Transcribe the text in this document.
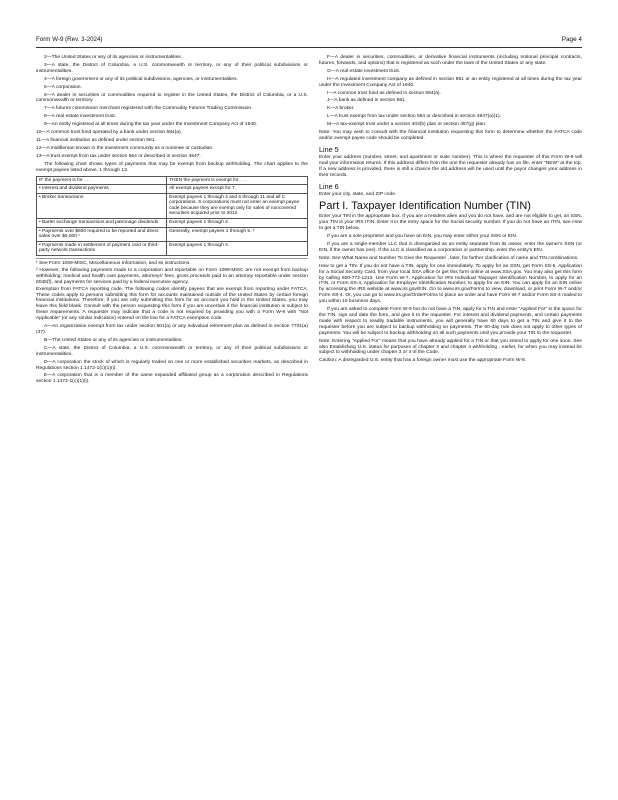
Form W-9 (Rev. 3-2024)	Page 4

2—The United States or any of its agencies or instrumentalities.

3—A state, the District of Columbia, a U.S. commonwealth or territory, or any of their political subdivisions or instrumentalities.

4—A foreign government or any of its political subdivisions, agencies, or instrumentalities.

5—A corporation.

6—A dealer in securities or commodities required to register in the United States, the District of Columbia, or a U.S. commonwealth or territory.

7—A futures commission merchant registered with the Commodity Futures Trading Commission.

8—A real estate investment trust.

9—An entity registered at all times during the tax year under the Investment Company Act of 1940.

10—A common trust fund operated by a bank under section 584(a).

11—A financial institution as defined under section 581.

12—A middleman known in the investment community as a nominee or custodian.

13—A trust exempt from tax under section 664 or described in section 4947.

The following chart shows types of payments that may be exempt from backup withholding. The chart applies to the exempt payees listed above, 1 through 13.

IF the payment is for . . .	THEN the payment is exempt for . . .
• Interest and dividend payments	All exempt payees except for 7.
• Broker transactions	Exempt payees 1 through 4 and 6 through 11 and all C corporations. S corporations must not enter an exempt payee code because they are exempt only for sales of noncovered securities acquired prior to 2012.
• Barter exchange transactions and patronage dividends	Exempt payees 1 through 4.
• Payments over $600 required to be reported and direct sales over $5,000 ¹	Generally, exempt payees 1 through 5. ²
• Payments made in settlement of payment card or third-party network transactions	Exempt payees 1 through 4.

¹ See Form 1099-MISC, Miscellaneous Information, and its instructions.

² However, the following payments made to a corporation and reportable on Form 1099-MISC are not exempt from backup withholding: medical and health care payments, attorneys' fees, gross proceeds paid to an attorney reportable under section 6045(f), and payments for services paid by a federal executive agency.

Exemption from FATCA reporting code. The following codes identify payees that are exempt from reporting under FATCA. These codes apply to persons submitting this form for accounts maintained outside of the United States by certain foreign financial institutions. Therefore, if you are only submitting this form for an account you hold in the United States, you may leave this field blank. Consult with the person requesting this form if you are uncertain if the financial institution is subject to these requirements. A requester may indicate that a code is not required by providing you with a Form W-9 with "Not Applicable" (or any similar indication) entered on the line for a FATCA exemption code.

A—An organization exempt from tax under section 501(a) or any individual retirement plan as defined in section 7701(a)(37).

B—The United States or any of its agencies or instrumentalities.

C—A state, the District of Columbia, a U.S. commonwealth or territory, or any of their political subdivisions or instrumentalities.

D—A corporation the stock of which is regularly traded on one or more established securities markets, as described in Regulations section 1.1472-1(c)(1)(i).

E—A corporation that is a member of the same expanded affiliated group as a corporation described in Regulations section 1.1472-1(c)(1)(i).

F—A dealer in securities, commodities, or derivative financial instruments (including notional principal contracts, futures, forwards, and options) that is registered as such under the laws of the United States or any state.

G—A real estate investment trust.

H—A regulated investment company as defined in section 851 or an entity registered at all times during the tax year under the Investment Company Act of 1940.

I—A common trust fund as defined in section 584(a).

J—A bank as defined in section 581.

K—A broker.

L—A trust exempt from tax under section 664 or described in section 4947(a)(1).

M—A tax-exempt trust under a section 403(b) plan or section 457(g) plan.

Note: You may wish to consult with the financial institution requesting this form to determine whether the FATCA code and/or exempt payee code should be completed.

Line 5

Enter your address (number, street, and apartment or suite number). This is where the requester of this Form W-9 will mail your information returns. If this address differs from the one the requester already has on file, enter "NEW" at the top. If a new address is provided, there is still a chance the old address will be used until the payor changes your address in their records.

Line 6

Enter your city, state, and ZIP code.

Part I. Taxpayer Identification Number (TIN)

Enter your TIN in the appropriate box. If you are a resident alien and you do not have, and are not eligible to get, an SSN, your TIN is your IRS ITIN. Enter it in the entry space for the Social security number. If you do not have an ITIN, see How to get a TIN below.

If you are a sole proprietor and you have an EIN, you may enter either your SSN or EIN.

If you are a single-member LLC that is disregarded as an entity separate from its owner, enter the owner's SSN (or EIN, if the owner has one). If the LLC is classified as a corporation or partnership, enter the entity's EIN.

Note: See What Name and Number To Give the Requester , later, for further clarification of name and TIN combinations.

How to get a TIN. If you do not have a TIN, apply for one immediately. To apply for an SSN, get Form SS-5, Application for a Social Security Card, from your local SSA office or get this form online at www.SSA.gov. You may also get this form by calling 800-772-1213. Use Form W-7, Application for IRS Individual Taxpayer Identification Number, to apply for an ITIN, or Form SS-4, Application for Employer Identification Number, to apply for an EIN. You can apply for an EIN online by accessing the IRS website at www.irs.gov/EIN. Go to www.irs.gov/Forms to view, download, or print Form W-7 and/or Form SS-4. Or, you can go to www.irs.gov/OrderForms to place an order and have Form W-7 and/or Form SS-4 mailed to you within 15 business days.

If you are asked to complete Form W-9 but do not have a TIN, apply for a TIN and enter "Applied For" in the space for the TIN, sign and date the form, and give it to the requester. For interest and dividend payments, and certain payments made with respect to readily tradable instruments, you will generally have 60 days to get a TIN and give it to the requester before you are subject to backup withholding on payments. The 60-day rule does not apply to other types of payments. You will be subject to backup withholding on all such payments until you provide your TIN to the requester.

Note: Entering "Applied For" means that you have already applied for a TIN or that you intend to apply for one soon. See also Establishing U.S. status for purposes of chapter 3 and chapter 4 withholding , earlier, for when you may instead be subject to withholding under chapter 3 or 4 of the Code.

Caution: A disregarded U.S. entity that has a foreign owner must use the appropriate Form W-8.
